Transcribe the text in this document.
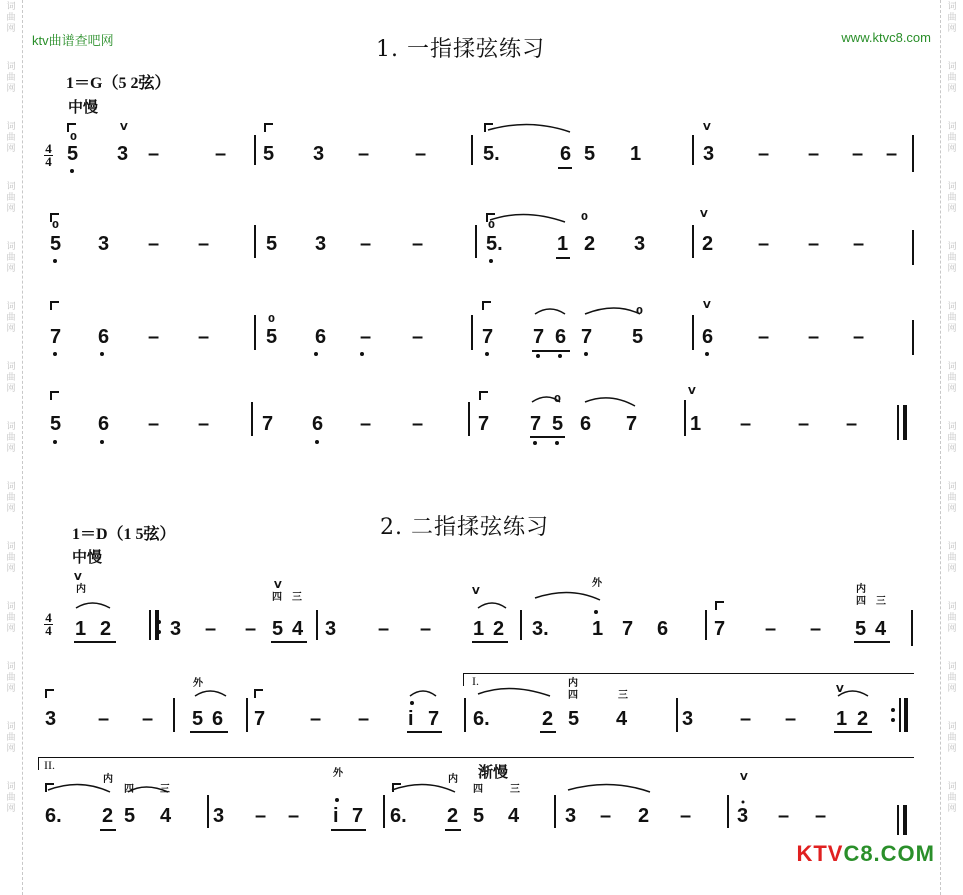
词
曲
网
词
曲
网
词
曲
网
词
曲
网
词
曲
网
词
曲
网
词
曲
网
词
曲
网
词
曲
网
词
曲
网
词
曲
网
词
曲
网
词
曲
网
词
曲
网
词
曲
网
词
曲
网
词
曲
网
词
曲
网
词
曲
网
词
曲
网
词
曲
网
词
曲
网
词
曲
网
词
曲
网
词
曲
网
词
曲
网
词
曲
网
词
曲
网
ktv曲谱查吧网	www.ktvc8.com
1. 一指揉弦练习
1＝G（5 2弦）
中慢
4
4 5 3 –	– 5 3 – –	5.	6 5 1	3 – – – –
5 3 – –	5 3 – –	5.	1 2 3	2 – – –
7 6 – –	5 6 – –	7 7 6 7 5	6 – – –
5 6 – –	7 6 – –	7 7 5 6 7	1 – – –
V	V
V
V
V
0
0	0
0
0
0
0
2. 二指揉弦练习
1＝D（1 5弦）
中慢
4
4
I.
II.	渐慢
1 2	3 – – 5 4 3 – – 1 2 3. 1 7 6 7 – – 5 4
3 – – 5 6 7 – – i 7 6.	2 5 4	3 – – 1 2
6. 2 5 4 3 – – i 7 6. 2 5 4 3 – 2 – 3 – –
V
V
V
V
V
内
四 三
外
内
四 三
外	内
四	三
内
四	三
外
内
四	三
KTVC8.COM
